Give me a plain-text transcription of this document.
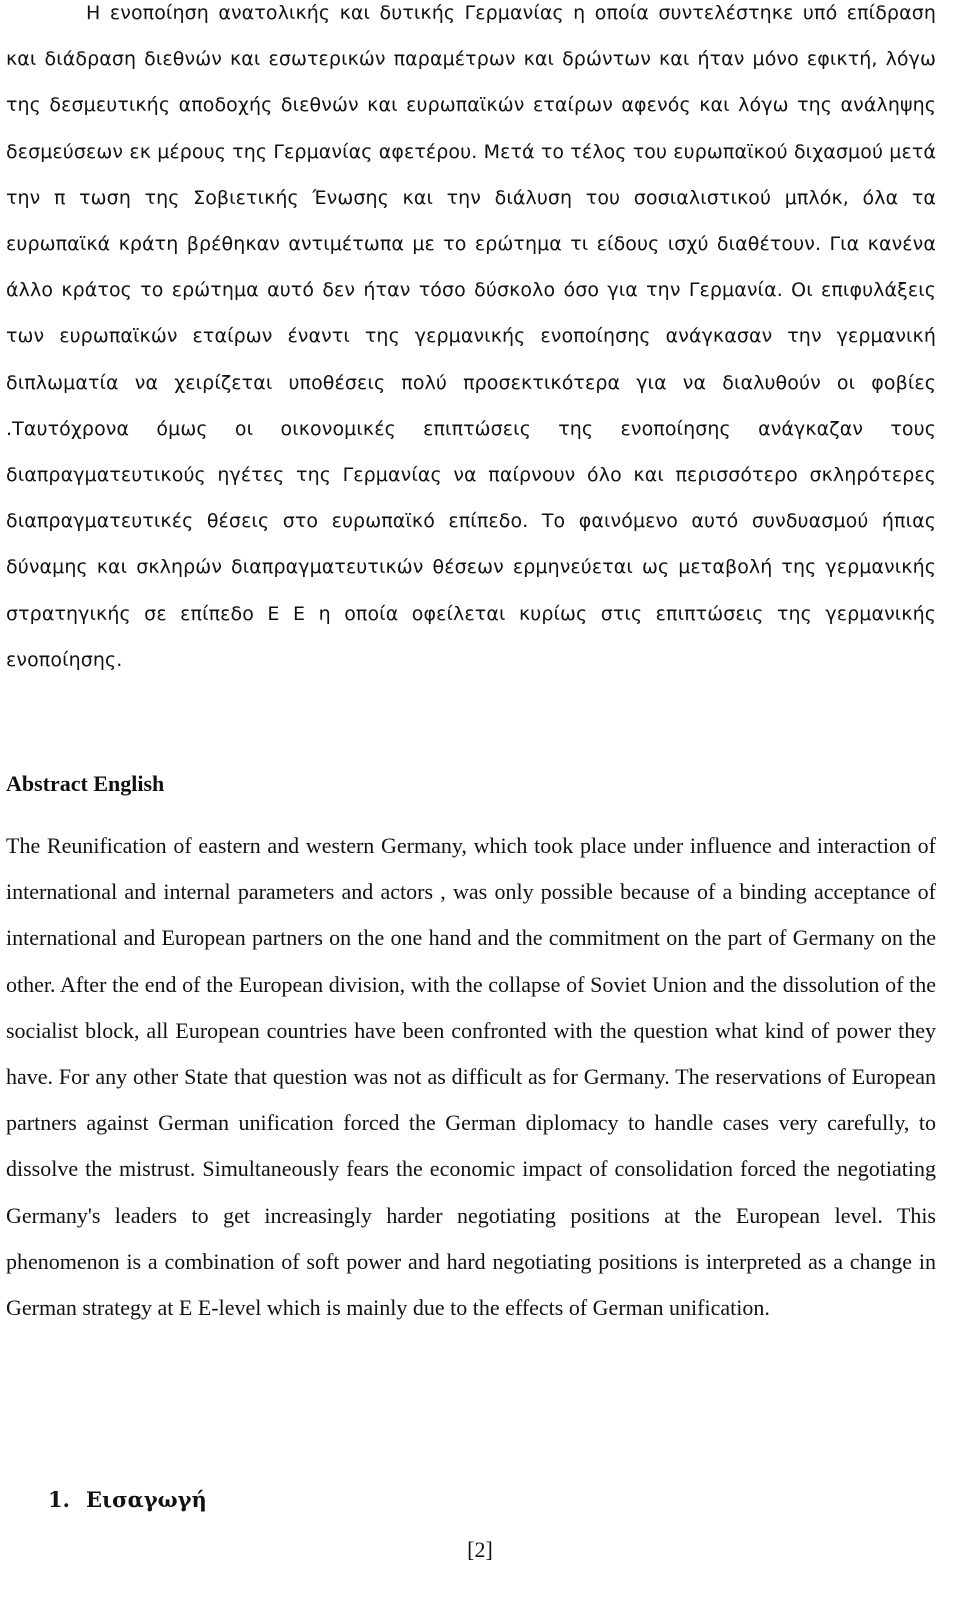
Η ενοποίηση ανατολικής και δυτικής Γερμανίας η οποία συντελέστηκε υπό επίδραση και διάδραση διεθνών και εσωτερικών παραμέτρων και δρώντων και ήταν μόνο εφικτή, λόγω της δεσμευτικής αποδοχής διεθνών και ευρωπαϊκών εταίρων αφενός και λόγω της ανάληψης δεσμεύσεων εκ μέρους της Γερμανίας αφετέρου. Μετά το τέλος του ευρωπαϊκού διχασμού μετά την π τωση της Σοβιετικής Ένωσης και την διάλυση του σοσιαλιστικού μπλόκ, όλα τα ευρωπαϊκά κράτη βρέθηκαν αντιμέτωπα με το ερώτημα τι είδους ισχύ διαθέτουν. Για κανένα άλλο κράτος το ερώτημα αυτό δεν ήταν τόσο δύσκολο όσο για την Γερμανία. Οι επιφυλάξεις των ευρωπαϊκών εταίρων έναντι της γερμανικής ενοποίησης ανάγκασαν την γερμανική διπλωματία να χειρίζεται υποθέσεις πολύ προσεκτικότερα για να διαλυθούν οι φοβίες .Ταυτόχρονα όμως οι οικονομικές επιπτώσεις της ενοποίησης ανάγκαζαν τους διαπραγματευτικούς ηγέτες της Γερμανίας να παίρνουν όλο και περισσότερο σκληρότερες διαπραγματευτικές θέσεις στο ευρωπαϊκό επίπεδο. Το φαινόμενο αυτό συνδυασμού ήπιας δύναμης και σκληρών διαπραγματευτικών θέσεων ερμηνεύεται ως μεταβολή της γερμανικής στρατηγικής σε επίπεδο Ε Ε η οποία οφείλεται κυρίως στις επιπτώσεις της γερμανικής ενοποίησης.

Abstract English

The Reunification of eastern and western Germany, which took place under influence and interaction of international and internal parameters and actors , was only possible because of a binding acceptance of international and European partners on the one hand and the commitment on the part of Germany on the other. After the end of the European division, with the collapse of Soviet Union and the dissolution of the socialist block, all European countries have been confronted with the question what kind of power they have. For any other State that question was not as difficult as for Germany. The reservations of European partners against German unification forced the German diplomacy to handle cases very carefully, to dissolve the mistrust. Simultaneously fears the economic impact of consolidation forced the negotiating Germany's leaders to get increasingly harder negotiating positions at the European level. This phenomenon is a combination of soft power and hard negotiating positions is interpreted as a change in German strategy at E E-level which is mainly due to the effects of German unification.

1. Εισαγωγή
[2]
